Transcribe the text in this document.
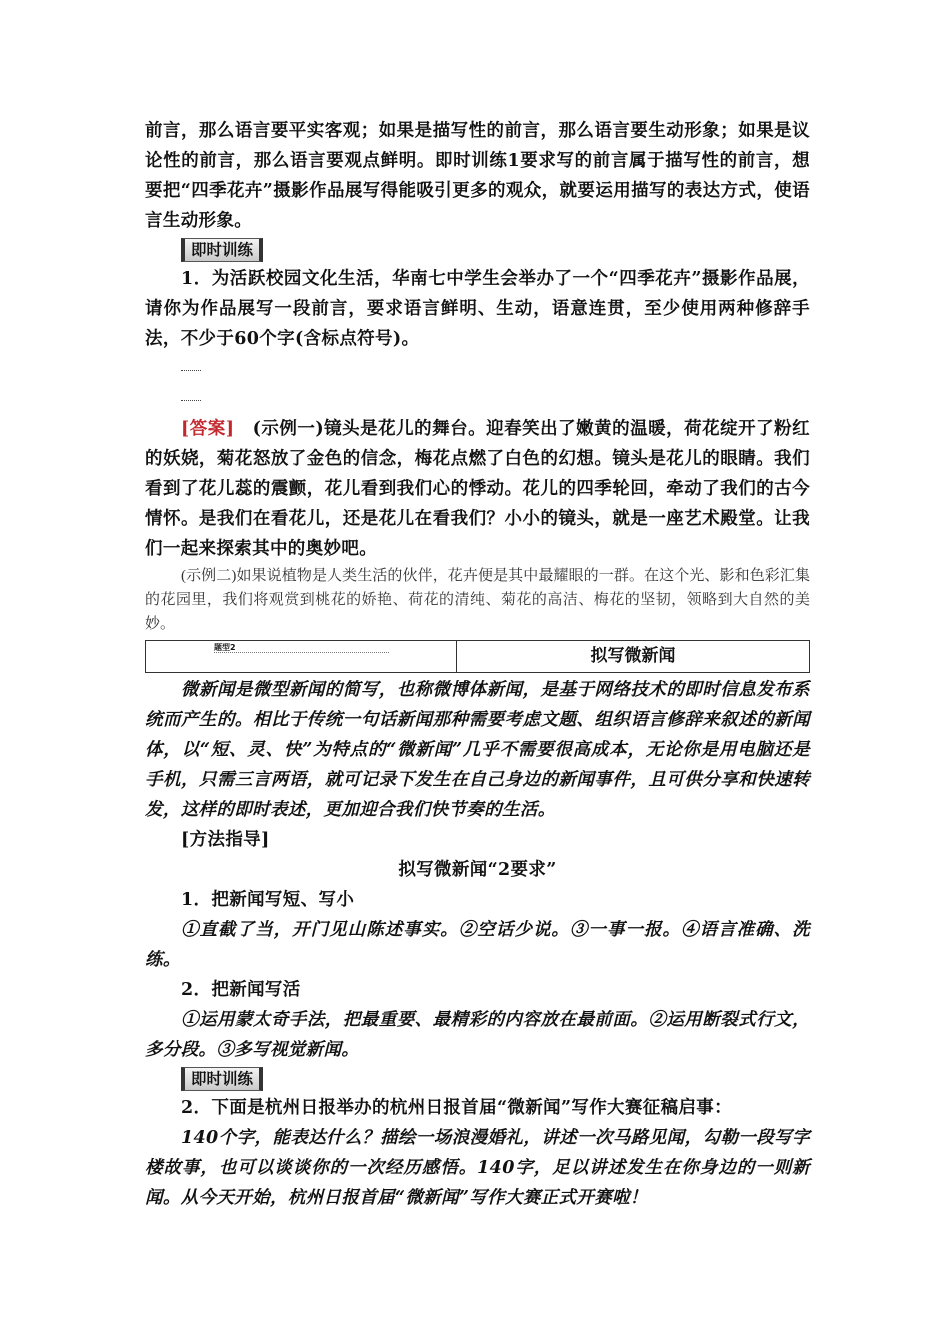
前言，那么语言要平实客观；如果是描写性的前言，那么语言要生动形象；如果是议论性的前言，那么语言要观点鲜明。即时训练1要求写的前言属于描写性的前言，想要把“四季花卉”摄影作品展写得能吸引更多的观众，就要运用描写的表达方式，使语言生动形象。

即时训练

1．为活跃校园文化生活，华南七中学生会举办了一个“四季花卉”摄影作品展，请你为作品展写一段前言，要求语言鲜明、生动，语意连贯，至少使用两种修辞手法，不少于60个字(含标点符号)。

[答案]　 (示例一)镜头是花儿的舞台。迎春笑出了嫩黄的温暖，荷花绽开了粉红的妖娆，菊花怒放了金色的信念，梅花点燃了白色的幻想。镜头是花儿的眼睛。我们看到了花儿蕊的震颤，花儿看到我们心的悸动。花儿的四季轮回，牵动了我们的古今情怀。是我们在看花儿，还是花儿在看我们？小小的镜头，就是一座艺术殿堂。让我们一起来探索其中的奥妙吧。

(示例二)如果说植物是人类生活的伙伴，花卉便是其中最耀眼的一群。在这个光、影和色彩汇集的花园里，我们将观赏到桃花的娇艳、荷花的清纯、菊花的高洁、梅花的坚韧，领略到大自然的美妙。

题型2	拟写微新闻

微新闻是微型新闻的简写，也称微博体新闻，是基于网络技术的即时信息发布系统而产生的。相比于传统一句话新闻那种需要考虑文题、组织语言修辞来叙述的新闻体，以“短、灵、快”为特点的“微新闻”几乎不需要很高成本，无论你是用电脑还是手机，只需三言两语，就可记录下发生在自己身边的新闻事件，且可供分享和快速转发，这样的即时表述，更加迎合我们快节奏的生活。

[方法指导]

拟写微新闻“2要求”

1．把新闻写短、写小

①直截了当，开门见山陈述事实。②空话少说。③一事一报。④语言准确、洗练。

2．把新闻写活

①运用蒙太奇手法，把最重要、最精彩的内容放在最前面。②运用断裂式行文，多分段。③多写视觉新闻。

即时训练

2．下面是杭州日报举办的杭州日报首届“微新闻”写作大赛征稿启事：

140个字，能表达什么？描绘一场浪漫婚礼，讲述一次马路见闻，勾勒一段写字楼故事，也可以谈谈你的一次经历感悟。140字，足以讲述发生在你身边的一则新闻。从今天开始，杭州日报首届“微新闻”写作大赛正式开赛啦！
